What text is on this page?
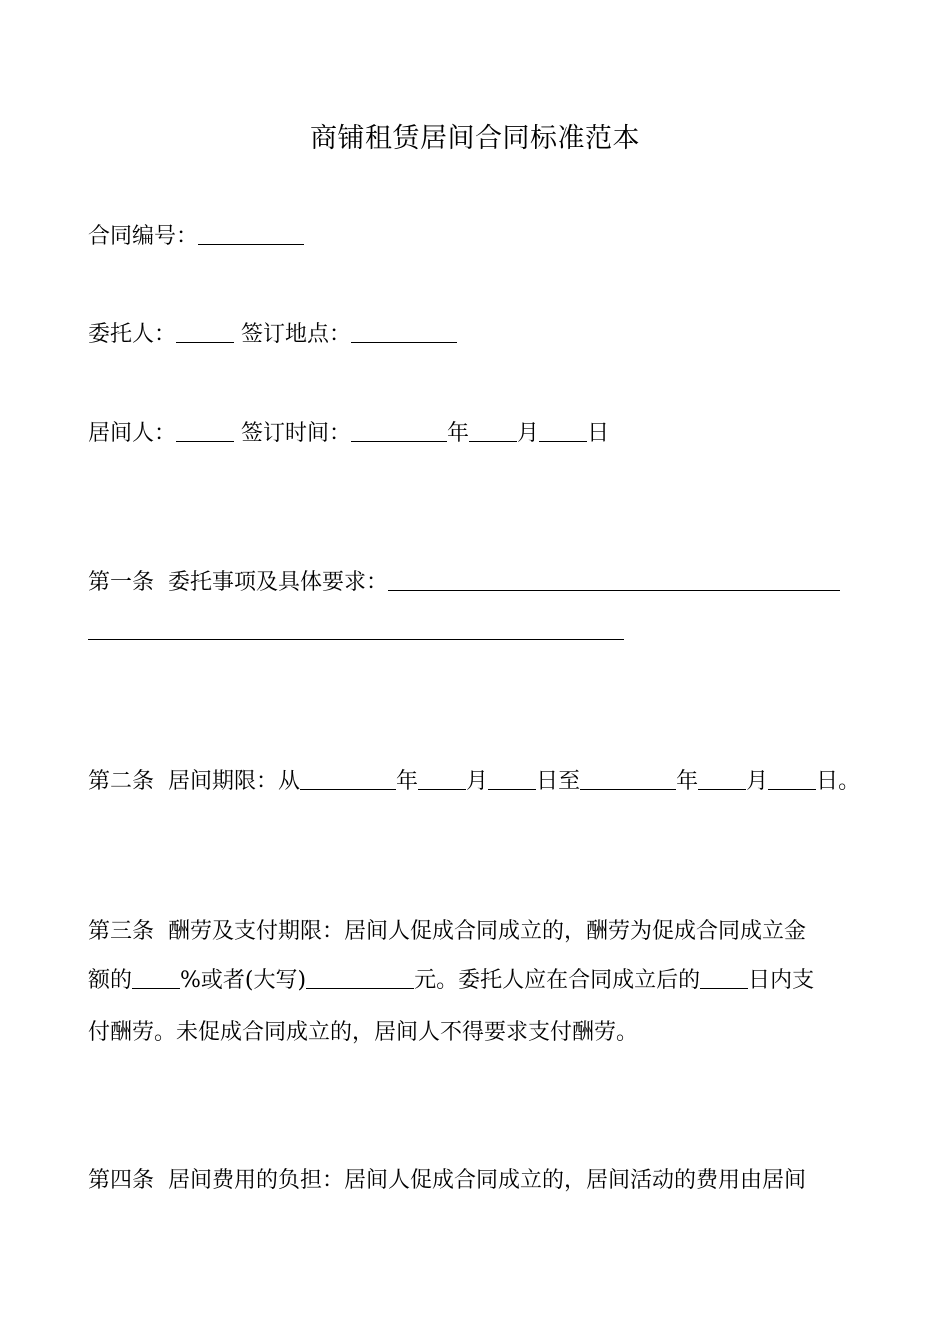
商铺租赁居间合同标准范本
合同编号：
委托人：	签订地点：
居间人：	签订时间：	年 月 日
第一条 委托事项及具体要求：
第二条 居间期限：从	年 月 日至	年 月 日。
第三条 酬劳及支付期限：居间人促成合同成立的，酬劳为促成合同成立金
额的 %或者(大写)	元。委托人应在合同成立后的 日内支
付酬劳。未促成合同成立的，居间人不得要求支付酬劳。
第四条 居间费用的负担：居间人促成合同成立的，居间活动的费用由居间
